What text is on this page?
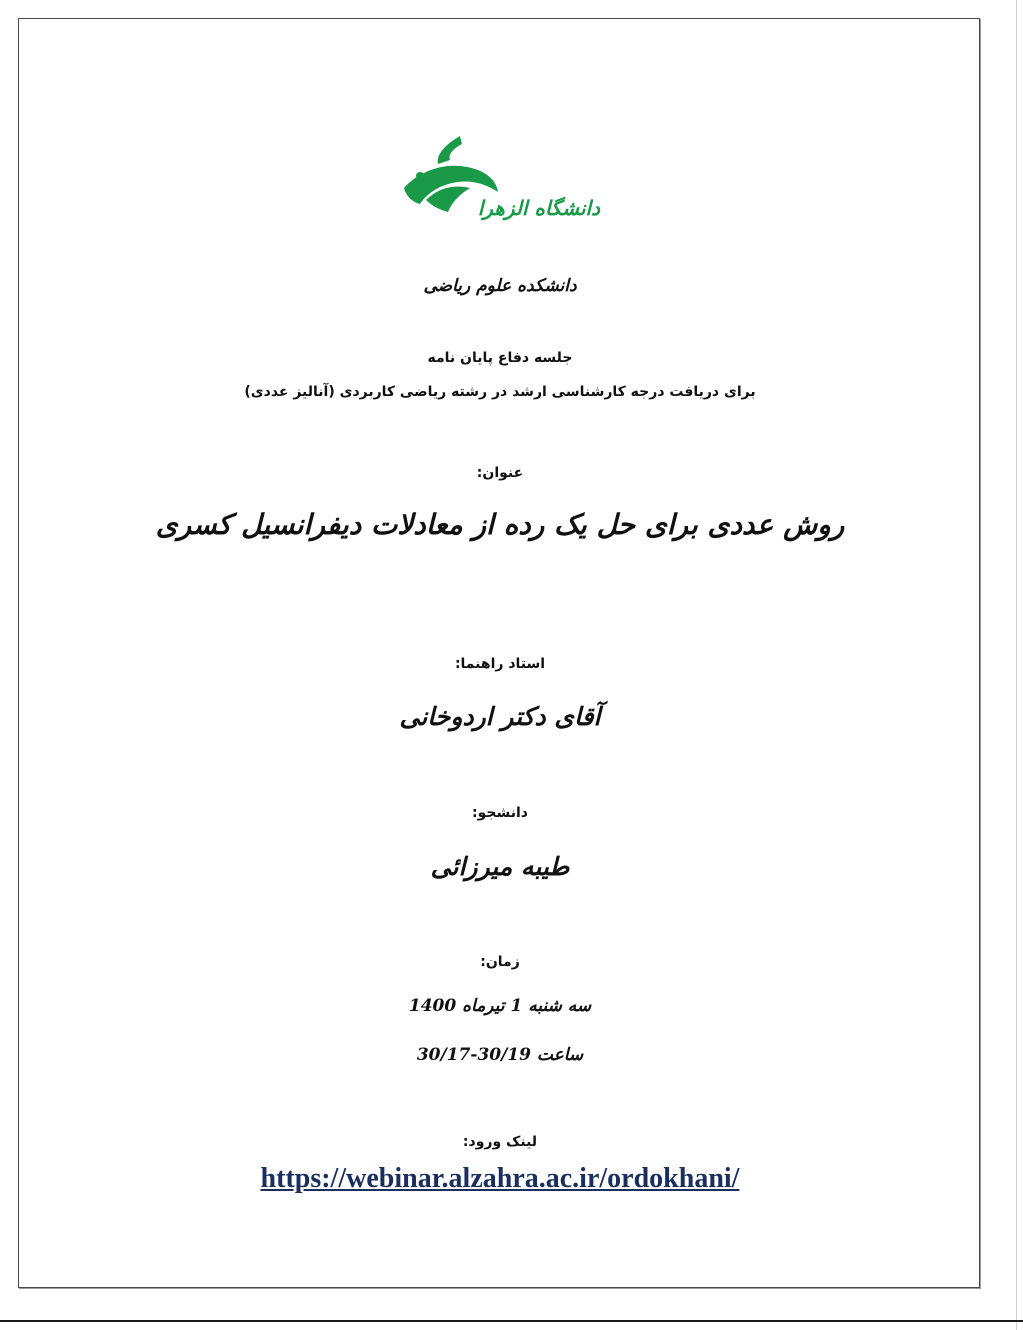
دانشگاه الزهرا
دانشکده علوم ریاضی
جلسه دفاع پایان نامه
برای دریافت درجه کارشناسی ارشد در رشته ریاضی کاربردی (آنالیز عددی)
عنوان:
روش عددی برای حل یک رده از معادلات دیفرانسیل کسری
استاد راهنما:
آقای دکتر اردوخانی
دانشجو:
طیبه میرزائی
زمان:
سه شنبه 1 تیرماه 1400
ساعت 30/19-30/17
لینک ورود:
https://webinar.alzahra.ac.ir/ordokhani/
